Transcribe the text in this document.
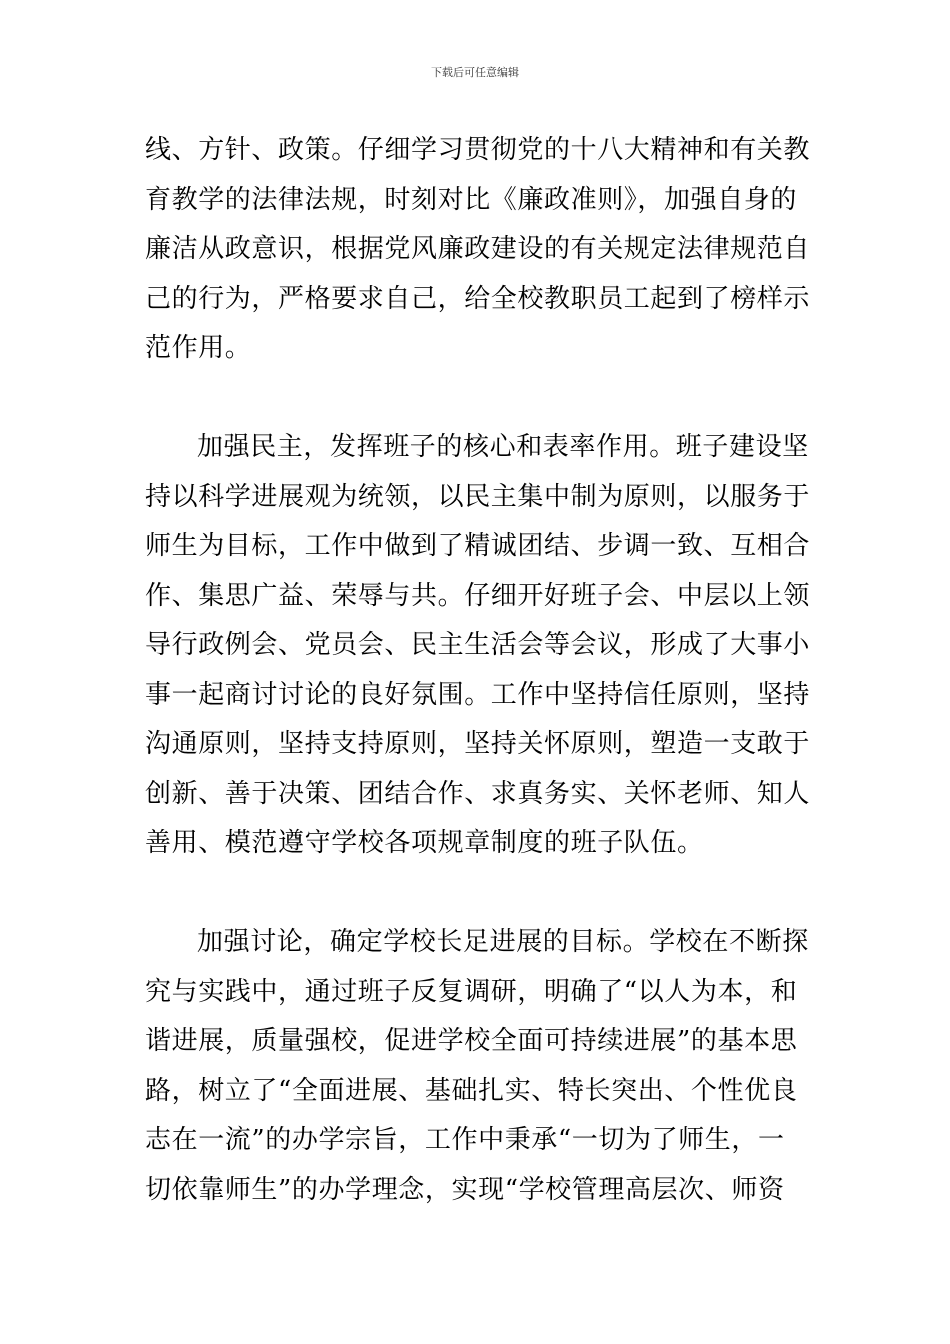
下载后可任意编辑
线、方针、政策。仔细学习贯彻党的十八大精神和有关教
育教学的法律法规，时刻对比《廉政准则》，加强自身的
廉洁从政意识，根据党风廉政建设的有关规定法律规范自
己的行为，严格要求自己，给全校教职员工起到了榜样示
范作用。
加强民主，发挥班子的核心和表率作用。班子建设坚
持以科学进展观为统领，以民主集中制为原则，以服务于
师生为目标，工作中做到了精诚团结、步调一致、互相合
作、集思广益、荣辱与共。仔细开好班子会、中层以上领
导行政例会、党员会、民主生活会等会议，形成了大事小
事一起商讨讨论的良好氛围。工作中坚持信任原则，坚持
沟通原则，坚持支持原则，坚持关怀原则，塑造一支敢于
创新、善于决策、团结合作、求真务实、关怀老师、知人
善用、模范遵守学校各项规章制度的班子队伍。
加强讨论，确定学校长足进展的目标。学校在不断探
究与实践中，通过班子反复调研，明确了“以人为本，和
谐进展，质量强校，促进学校全面可持续进展”的基本思
路，树立了“全面进展、基础扎实、特长突出、个性优良
志在一流”的办学宗旨，工作中秉承“一切为了师生，一
切依靠师生”的办学理念，实现“学校管理高层次、师资
